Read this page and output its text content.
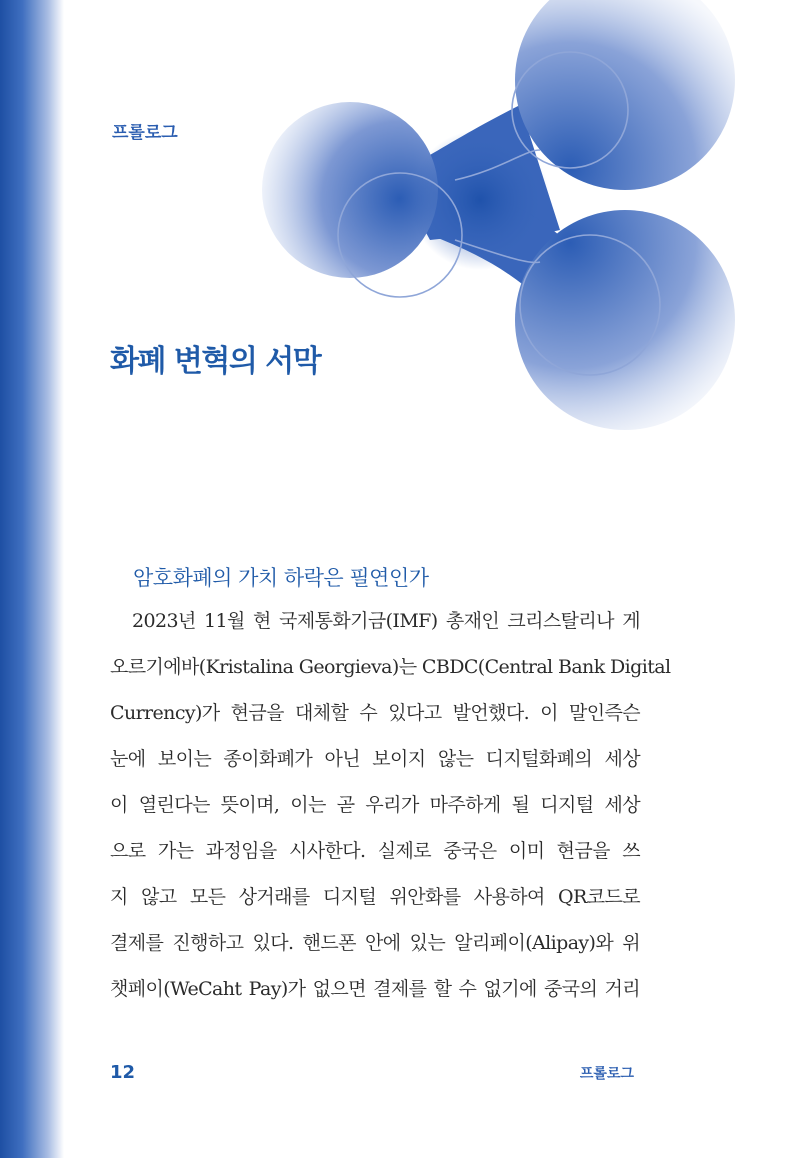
프롤로그
화폐 변혁의 서막
암호화폐의 가치 하락은 필연인가
2023년 11월 현 국제통화기금(IMF) 총재인 크리스탈리나 게
오르기에바(Kristalina Georgieva)는 CBDC(Central Bank Digital
Currency)가 현금을 대체할 수 있다고 발언했다. 이 말인즉슨
눈에 보이는 종이화폐가 아닌 보이지 않는 디지털화폐의 세상
이 열린다는 뜻이며, 이는 곧 우리가 마주하게 될 디지털 세상
으로 가는 과정임을 시사한다. 실제로 중국은 이미 현금을 쓰
지 않고 모든 상거래를 디지털 위안화를 사용하여 QR코드로
결제를 진행하고 있다. 핸드폰 안에 있는 알리페이(Alipay)와 위
챗페이(WeCaht Pay)가 없으면 결제를 할 수 없기에 중국의 거리
12	프롤로그
